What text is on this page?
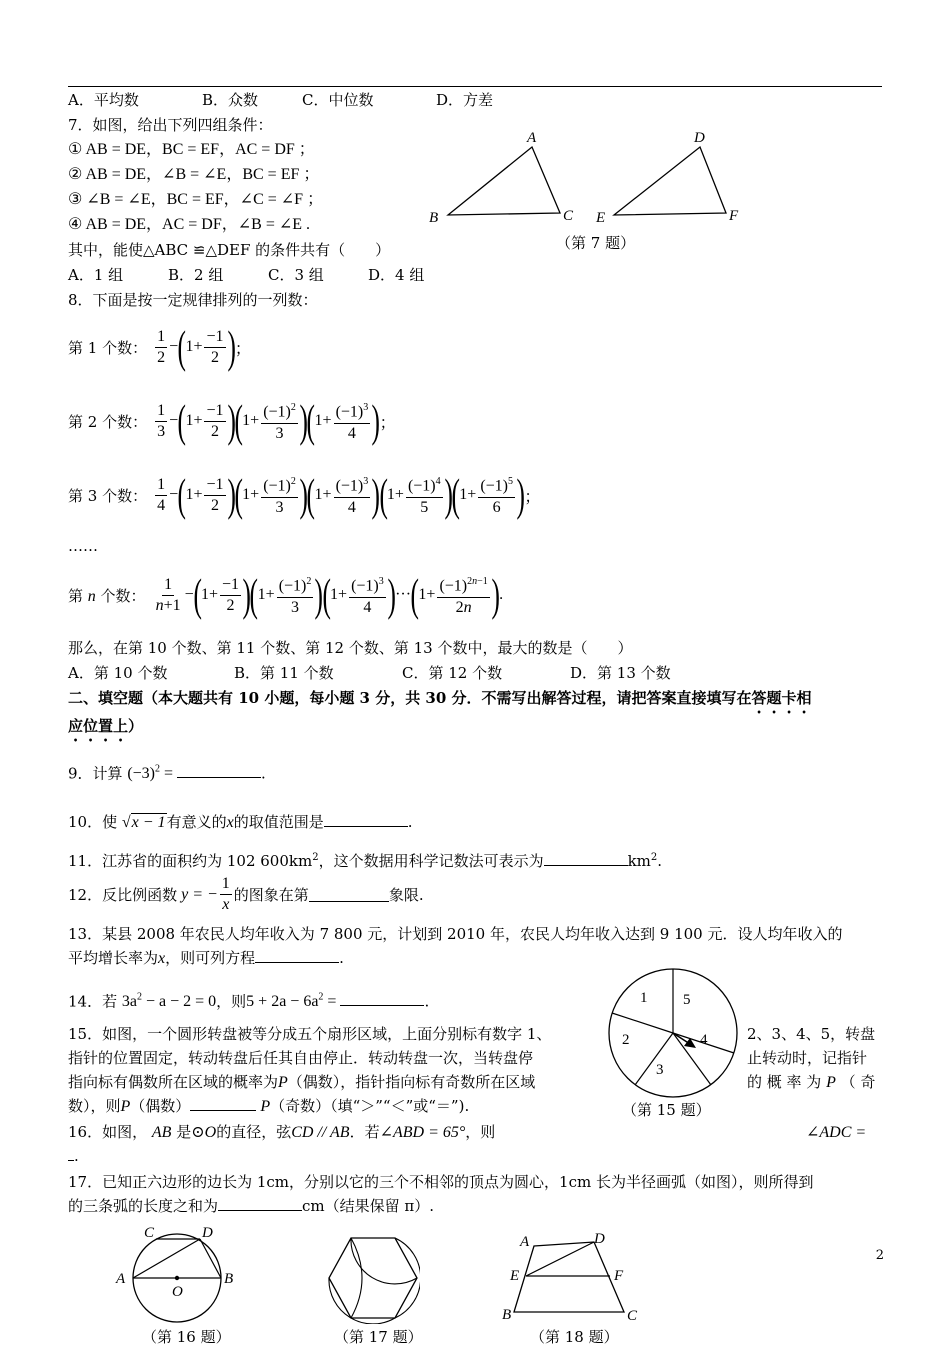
A．平均数	B．众数	C．中位数	D．方差
7．如图，给出下列四组条件：
① AB = DE，BC = EF，AC = DF ；
② AB = DE，∠B = ∠E，BC = EF ；
③ ∠B = ∠E，BC = EF，∠C = ∠F ；
④ AB = DE，AC = DF，∠B = ∠E .
其中，能使△ABC ≌△DEF 的条件共有（　　）
A．1 组	B．2 组	C．3 组	D．4 组
A
B	C
D
E	F
（第 7 题）
8．下面是按一定规律排列的一列数：
第 1 个数： $\frac{1}{2}$ − ( $1+ \frac{-1}{2}$ ) ；
第 2 个数： $\frac{1}{3}$ − ( $1+ \frac{-1}{2}$ )
( $1+ \frac{(-1)^2}{3}$ )
( $1+ \frac{(-1)^3}{4}$ ) ；
第 3 个数： $\frac{1}{4}$ − ( $1+ \frac{-1}{2}$ )
( $1+ \frac{(-1)^2}{3}$ )
( $1+ \frac{(-1)^3}{4}$ )
( $1+ \frac{(-1)^4}{5}$ )
( $1+ \frac{(-1)^5}{6}$ ) ；
……
第 n 个数： $\frac{1}{n+1}$ − ( $1+ \frac{-1}{2}$ )
( $1+ \frac{(-1)^2}{3}$ )
( $1+ \frac{(-1)^3}{4}$ ) ··· ( $1+ \frac{(-1)^{2n-1}}{2n}$ ) .
那么，在第 10 个数、第 11 个数、第 12 个数、第 13 个数中，最大的数是（　　）
A．第 10 个数	B．第 11 个数	C．第 12 个数	D．第 13 个数
二、填空题（本大题共有 10 小题，每小题 3 分，共 30 分．不需写出解答过程，请把答案直接填写在答题卡相
应位置上）
9．计算 $(-3)^2$ =	.
10．使 √x − 1有意义的x的取值范围是	.
11．江苏省的面积约为 102 $600km^2$，这个数据用科学记数法可表示为	$km^2$.
12．反比例函数 y = − $\frac{1}{x}$ 的图象在第	象限.
13．某县 2008 年农民人均年收入为 7 800 元，计划到 2010 年，农民人均年收入达到 9 100 元．设人均年收入的
平均增长率为x，则可列方程	.
14．若 $3a^2 - a - 2 = 0$，则$5 + 2a - 6a^2$ =	.
15．如图，一个圆形转盘被等分成五个扇形区域，上面分别标有数字 1、	2、3、4、5，转盘
指针的位置固定，转动转盘后任其自由停止．转动转盘一次，当转盘停	止转动时，记指针
指向标有偶数所在区域的概率为P（偶数），指针指向标有奇数所在区域	的 概 率 为 P （ 奇
数），则P（偶数）	P（奇数）（填“＞”“＜”或“＝”).
1
2
3
4
5
（第 15 题）
16．如图， AB 是⊙O的直径，弦CD // AB．若∠ABD = 65°，则	∠ADC =
.
17．已知正六边形的边长为 1cm，分别以它的三个不相邻的顶点为圆心，1cm 长为半径画弧（如图），则所得到
的三条弧的长度之和为	cm（结果保留 π）.
C	D
A	B
O
（第 16 题）	（第 17 题）
A	D
E	F
B	C
（第 18 题）
2
